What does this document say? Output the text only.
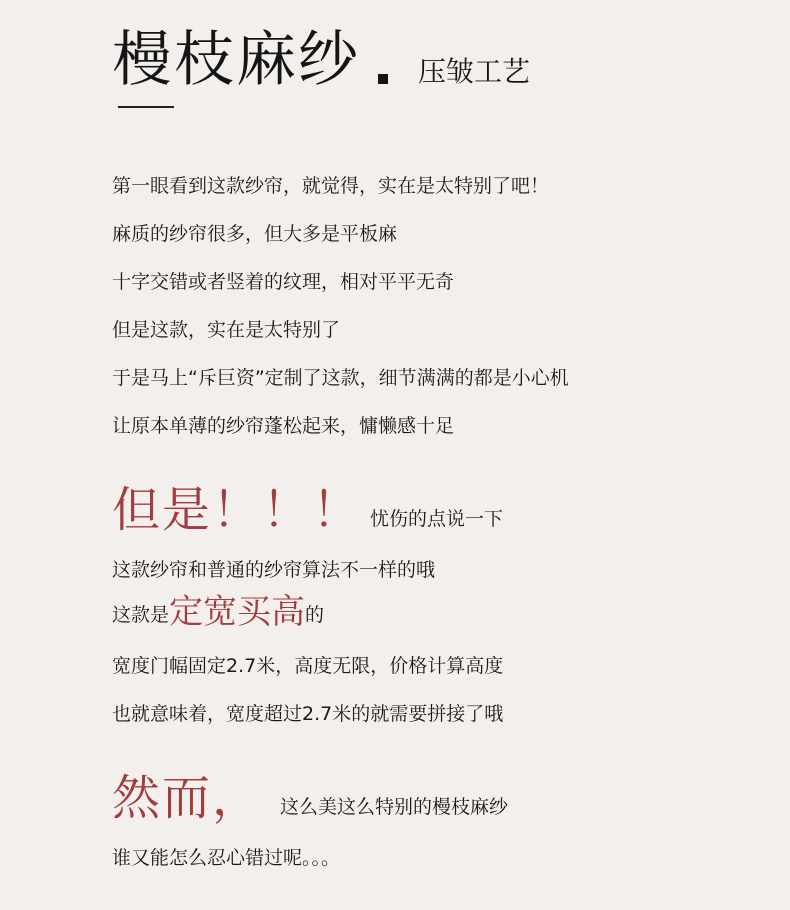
槾枝麻纱 压皱工艺
第一眼看到这款纱帘，就觉得，实在是太特别了吧！
麻质的纱帘很多，但大多是平板麻
十字交错或者竖着的纹理，相对平平无奇
但是这款，实在是太特别了
于是马上“斥巨资”定制了这款，细节满满的都是小心机
让原本单薄的纱帘蓬松起来，慵懒感十足
但是！！！ 忧伤的点说一下
这款纱帘和普通的纱帘算法不一样的哦
这款是 定宽买高 的
宽度门幅固定2.7米，高度无限，价格计算高度
也就意味着，宽度超过2.7米的就需要拼接了哦
然而， 这么美这么特别的槾枝麻纱
谁又能怎么忍心错过呢。。。
